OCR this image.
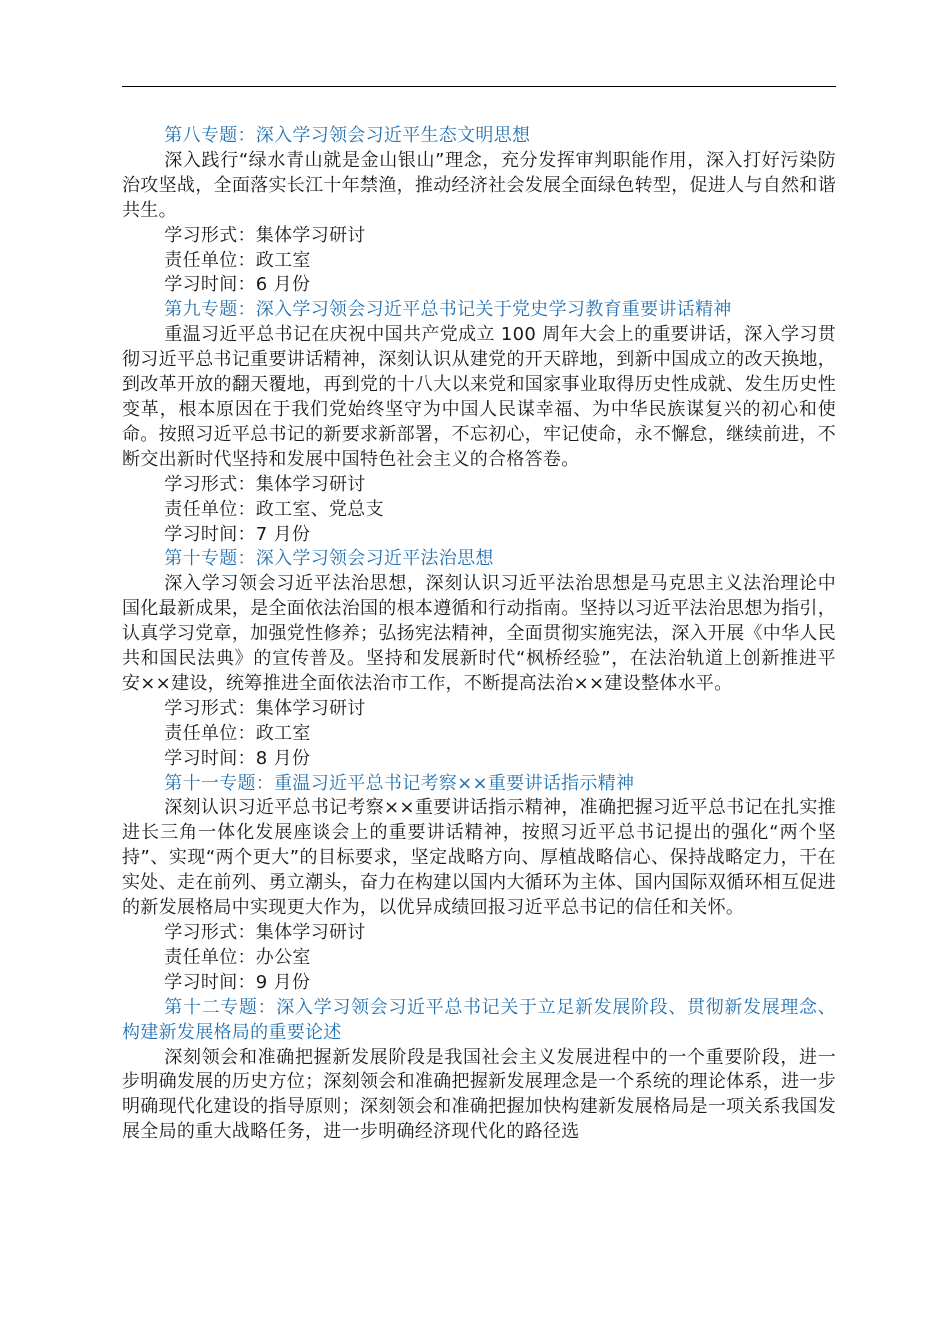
第八专题：深入学习领会习近平生态文明思想

深入践行“绿水青山就是金山银山”理念，充分发挥审判职能作用，深入打好污染防治攻坚战，全面落实长江十年禁渔，推动经济社会发展全面绿色转型，促进人与自然和谐共生。

学习形式：集体学习研讨

责任单位：政工室

学习时间：6 月份

第九专题：深入学习领会习近平总书记关于党史学习教育重要讲话精神

重温习近平总书记在庆祝中国共产党成立 100 周年大会上的重要讲话，深入学习贯彻习近平总书记重要讲话精神，深刻认识从建党的开天辟地，到新中国成立的改天换地，到改革开放的翻天覆地，再到党的十八大以来党和国家事业取得历史性成就、发生历史性变革，根本原因在于我们党始终坚守为中国人民谋幸福、为中华民族谋复兴的初心和使命。按照习近平总书记的新要求新部署，不忘初心，牢记使命，永不懈怠，继续前进，不断交出新时代坚持和发展中国特色社会主义的合格答卷。

学习形式：集体学习研讨

责任单位：政工室、党总支

学习时间：7 月份

第十专题：深入学习领会习近平法治思想

深入学习领会习近平法治思想，深刻认识习近平法治思想是马克思主义法治理论中国化最新成果，是全面依法治国的根本遵循和行动指南。坚持以习近平法治思想为指引，认真学习党章，加强党性修养；弘扬宪法精神，全面贯彻实施宪法，深入开展《中华人民共和国民法典》的宣传普及。坚持和发展新时代“枫桥经验”，在法治轨道上创新推进平安××建设，统筹推进全面依法治市工作，不断提高法治××建设整体水平。

学习形式：集体学习研讨

责任单位：政工室

学习时间：8 月份

第十一专题：重温习近平总书记考察××重要讲话指示精神

深刻认识习近平总书记考察××重要讲话指示精神，准确把握习近平总书记在扎实推进长三角一体化发展座谈会上的重要讲话精神，按照习近平总书记提出的强化“两个坚持”、实现“两个更大”的目标要求，坚定战略方向、厚植战略信心、保持战略定力，干在实处、走在前列、勇立潮头，奋力在构建以国内大循环为主体、国内国际双循环相互促进的新发展格局中实现更大作为，以优异成绩回报习近平总书记的信任和关怀。

学习形式：集体学习研讨

责任单位：办公室

学习时间：9 月份

第十二专题：深入学习领会习近平总书记关于立足新发展阶段、贯彻新发展理念、构建新发展格局的重要论述

深刻领会和准确把握新发展阶段是我国社会主义发展进程中的一个重要阶段，进一步明确发展的历史方位；深刻领会和准确把握新发展理念是一个系统的理论体系，进一步明确现代化建设的指导原则；深刻领会和准确把握加快构建新发展格局是一项关系我国发展全局的重大战略任务，进一步明确经济现代化的路径选
